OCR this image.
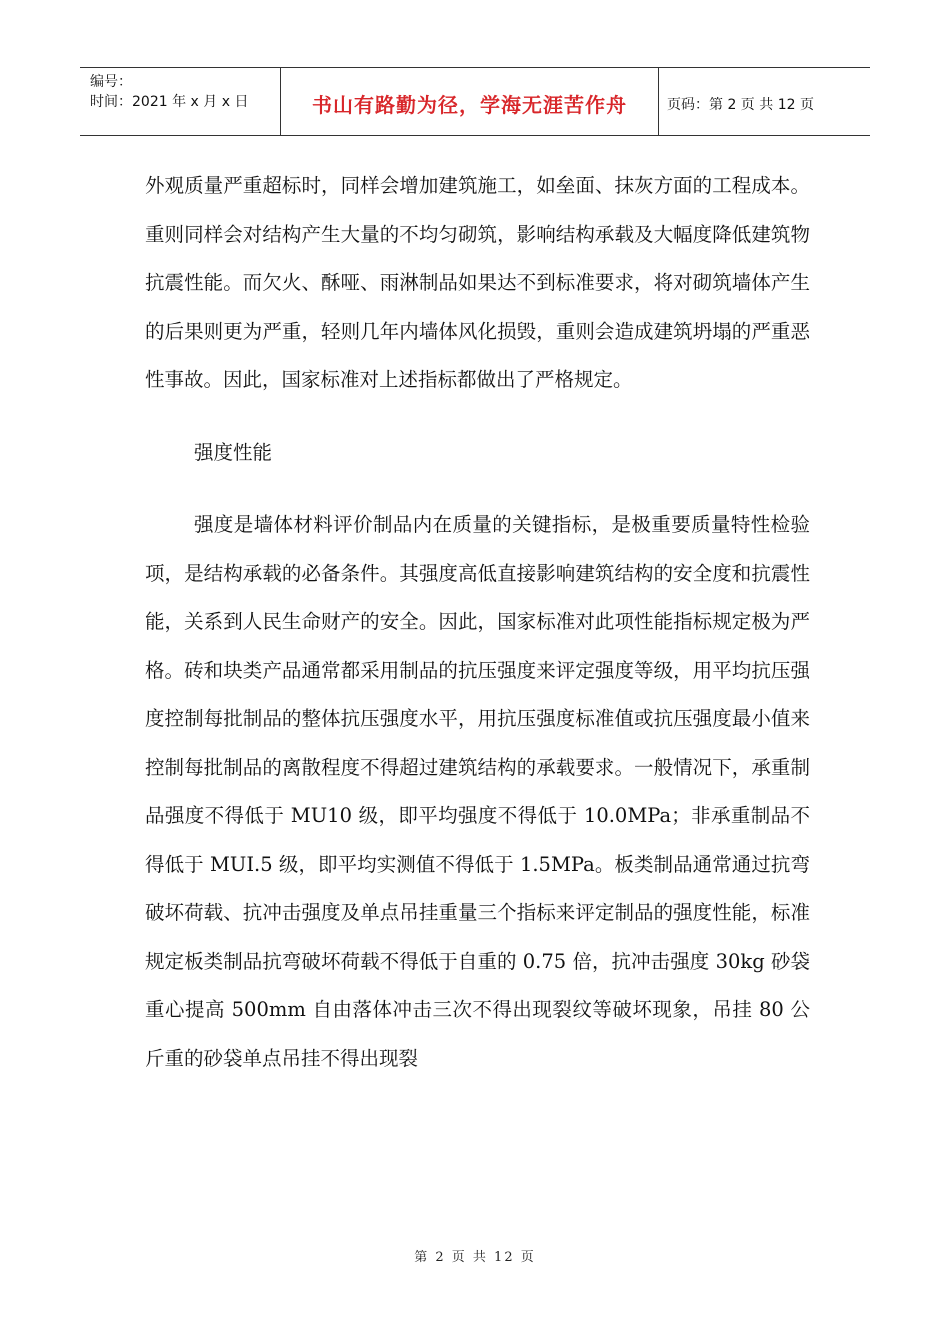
编号：
时间：2021 年 x 月 x 日	书山有路勤为径，学海无涯苦作舟	页码：第 2 页 共 12 页

外观质量严重超标时，同样会增加建筑施工，如垒面、抹灰方面的工程成本。重则同样会对结构产生大量的不均匀砌筑，影响结构承载及大幅度降低建筑物抗震性能。而欠火、酥哑、雨淋制品如果达不到标准要求，将对砌筑墙体产生的后果则更为严重，轻则几年内墙体风化损毁，重则会造成建筑坍塌的严重恶性事故。因此，国家标准对上述指标都做出了严格规定。

强度性能

强度是墙体材料评价制品内在质量的关键指标，是极重要质量特性检验项，是结构承载的必备条件。其强度高低直接影响建筑结构的安全度和抗震性能，关系到人民生命财产的安全。因此，国家标准对此项性能指标规定极为严格。砖和块类产品通常都采用制品的抗压强度来评定强度等级，用平均抗压强度控制每批制品的整体抗压强度水平，用抗压强度标准值或抗压强度最小值来控制每批制品的离散程度不得超过建筑结构的承载要求。一般情况下，承重制品强度不得低于 MU10 级，即平均强度不得低于 10.0MPa；非承重制品不得低于 MUI.5 级，即平均实测值不得低于 1.5MPa。板类制品通常通过抗弯破坏荷载、抗冲击强度及单点吊挂重量三个指标来评定制品的强度性能，标准规定板类制品抗弯破坏荷载不得低于自重的 0.75 倍，抗冲击强度 30kg 砂袋重心提高 500mm 自由落体冲击三次不得出现裂纹等破坏现象，吊挂 80 公斤重的砂袋单点吊挂不得出现裂

第 2 页 共 12 页
